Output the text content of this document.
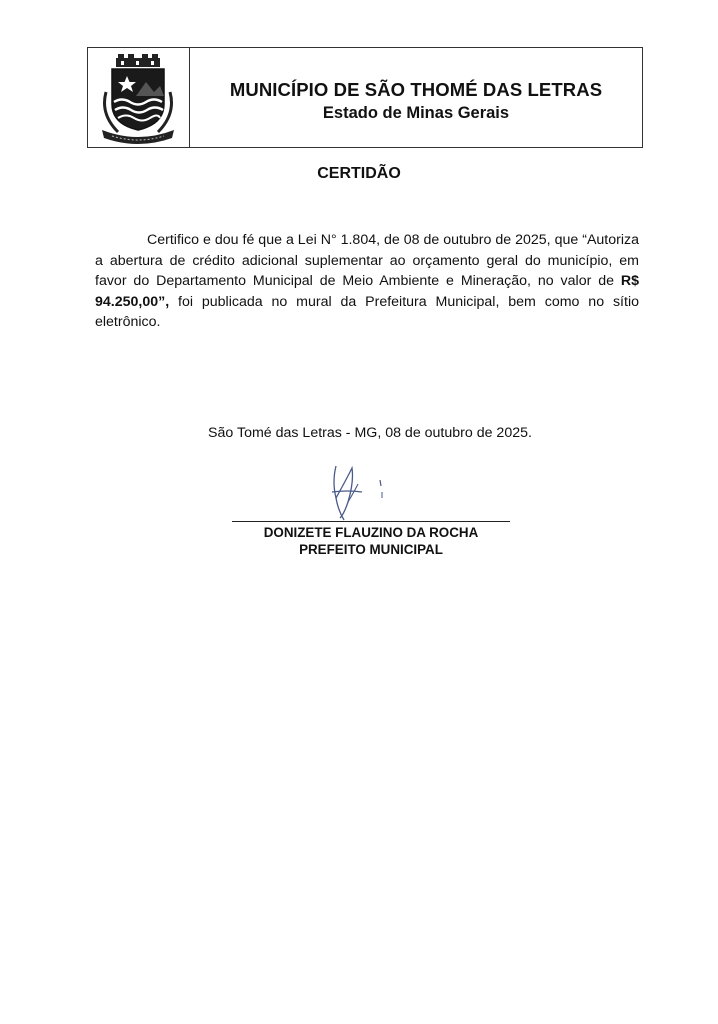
MUNICÍPIO DE SÃO THOMÉ DAS LETRAS
Estado de Minas Gerais
CERTIDÃO
Certifico e dou fé que a Lei N° 1.804, de 08 de outubro de 2025, que “Autoriza a abertura de crédito adicional suplementar ao orçamento geral do município, em favor do Departamento Municipal de Meio Ambiente e Mineração, no valor de R$ 94.250,00”, foi publicada no mural da Prefeitura Municipal, bem como no sítio eletrônico.
São Tomé das Letras - MG, 08 de outubro de 2025.
DONIZETE FLAUZINO DA ROCHA
PREFEITO MUNICIPAL
